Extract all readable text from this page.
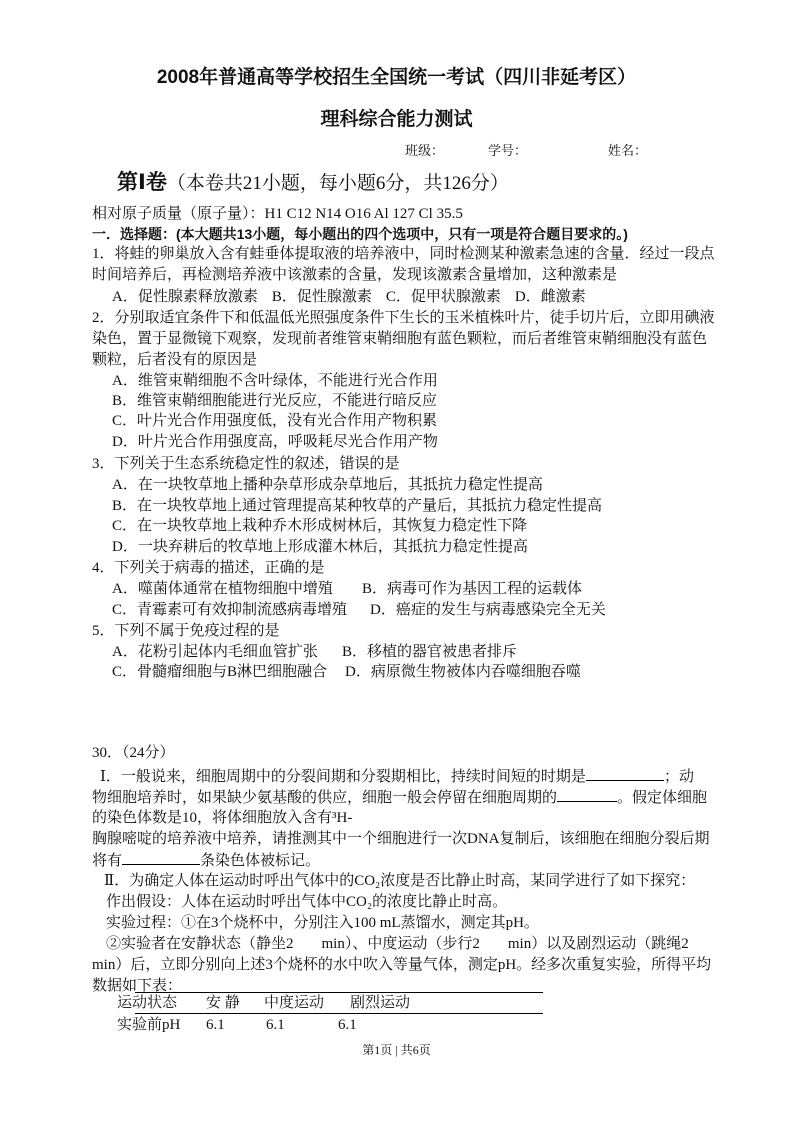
2008年普通高等学校招生全国统一考试（四川非延考区）
理科综合能力测试
班级：	学号：	姓名：
第Ⅰ卷（本卷共21小题，每小题6分，共126分）
相对原子质量（原子量）：H1 C12 N14 O16 Al 127 Cl 35.5
一．选择题：(本大题共13小题，每小题出的四个选项中，只有一项是符合题目要求的。)
1．将蛙的卵巢放入含有蛙垂体提取液的培养液中，同时检测某种激素急速的含量．经过一段点
时间培养后，再检测培养液中该激素的含量，发现该激素含量增加，这种激素是
A．促性腺素释放激素 B．促性腺激素 C．促甲状腺激素 D．雌激素
2．分别取适宜条件下和低温低光照强度条件下生长的玉米植株叶片，徒手切片后，立即用碘液
染色，置于显微镜下观察，发现前者维管束鞘细胞有蓝色颗粒，而后者维管束鞘细胞没有蓝色
颗粒，后者没有的原因是
A．维管束鞘细胞不含叶绿体，不能进行光合作用
B．维管束鞘细胞能进行光反应，不能进行暗反应
C．叶片光合作用强度低，没有光合作用产物积累
D．叶片光合作用强度高，呼吸耗尽光合作用产物
3．下列关于生态系统稳定性的叙述，错误的是
A．在一块牧草地上播种杂草形成杂草地后，其抵抗力稳定性提高
B．在一块牧草地上通过管理提高某种牧草的产量后，其抵抗力稳定性提高
C．在一块牧草地上栽种乔木形成树林后，其恢复力稳定性下降
D．一块弃耕后的牧草地上形成灌木林后，其抵抗力稳定性提高
4．下列关于病毒的描述，正确的是
A．噬菌体通常在植物细胞中增殖 B．病毒可作为基因工程的运载体
C．青霉素可有效抑制流感病毒增殖 D．癌症的发生与病毒感染完全无关
5．下列不属于免疫过程的是
A．花粉引起体内毛细血管扩张 B．移植的器官被患者排斥
C．骨髓瘤细胞与B淋巴细胞融合 D．病原微生物被体内吞噬细胞吞噬
30．（24分）
Ⅰ．一般说来，细胞周期中的分裂间期和分裂期相比，持续时间短的时期是	；动
物细胞培养时，如果缺少氨基酸的供应，细胞一般会停留在细胞周期的	。假定体细胞
的染色体数是10，将体细胞放入含有³H-
胸腺嘧啶的培养液中培养，请推测其中一个细胞进行一次DNA复制后，该细胞在细胞分裂后期
将有	条染色体被标记。
Ⅱ．为确定人体在运动时呼出气体中的CO₂浓度是否比静止时高，某同学进行了如下探究：
作出假设：人体在运动时呼出气体中CO₂的浓度比静止时高。
实验过程：①在3个烧杯中，分别注入100 mL蒸馏水，测定其pH。
②实验者在安静状态（静坐2 min）、中度运动（步行2 min）以及剧烈运动（跳绳2
min）后，立即分别向上述3个烧杯的水中吹入等量气体，测定pH。经多次重复实验，所得平均
数据如下表：
运动状态 安 静 中度运动 剧烈运动
实验前pH 6.1	6.1	6.1
第1页 | 共6页
